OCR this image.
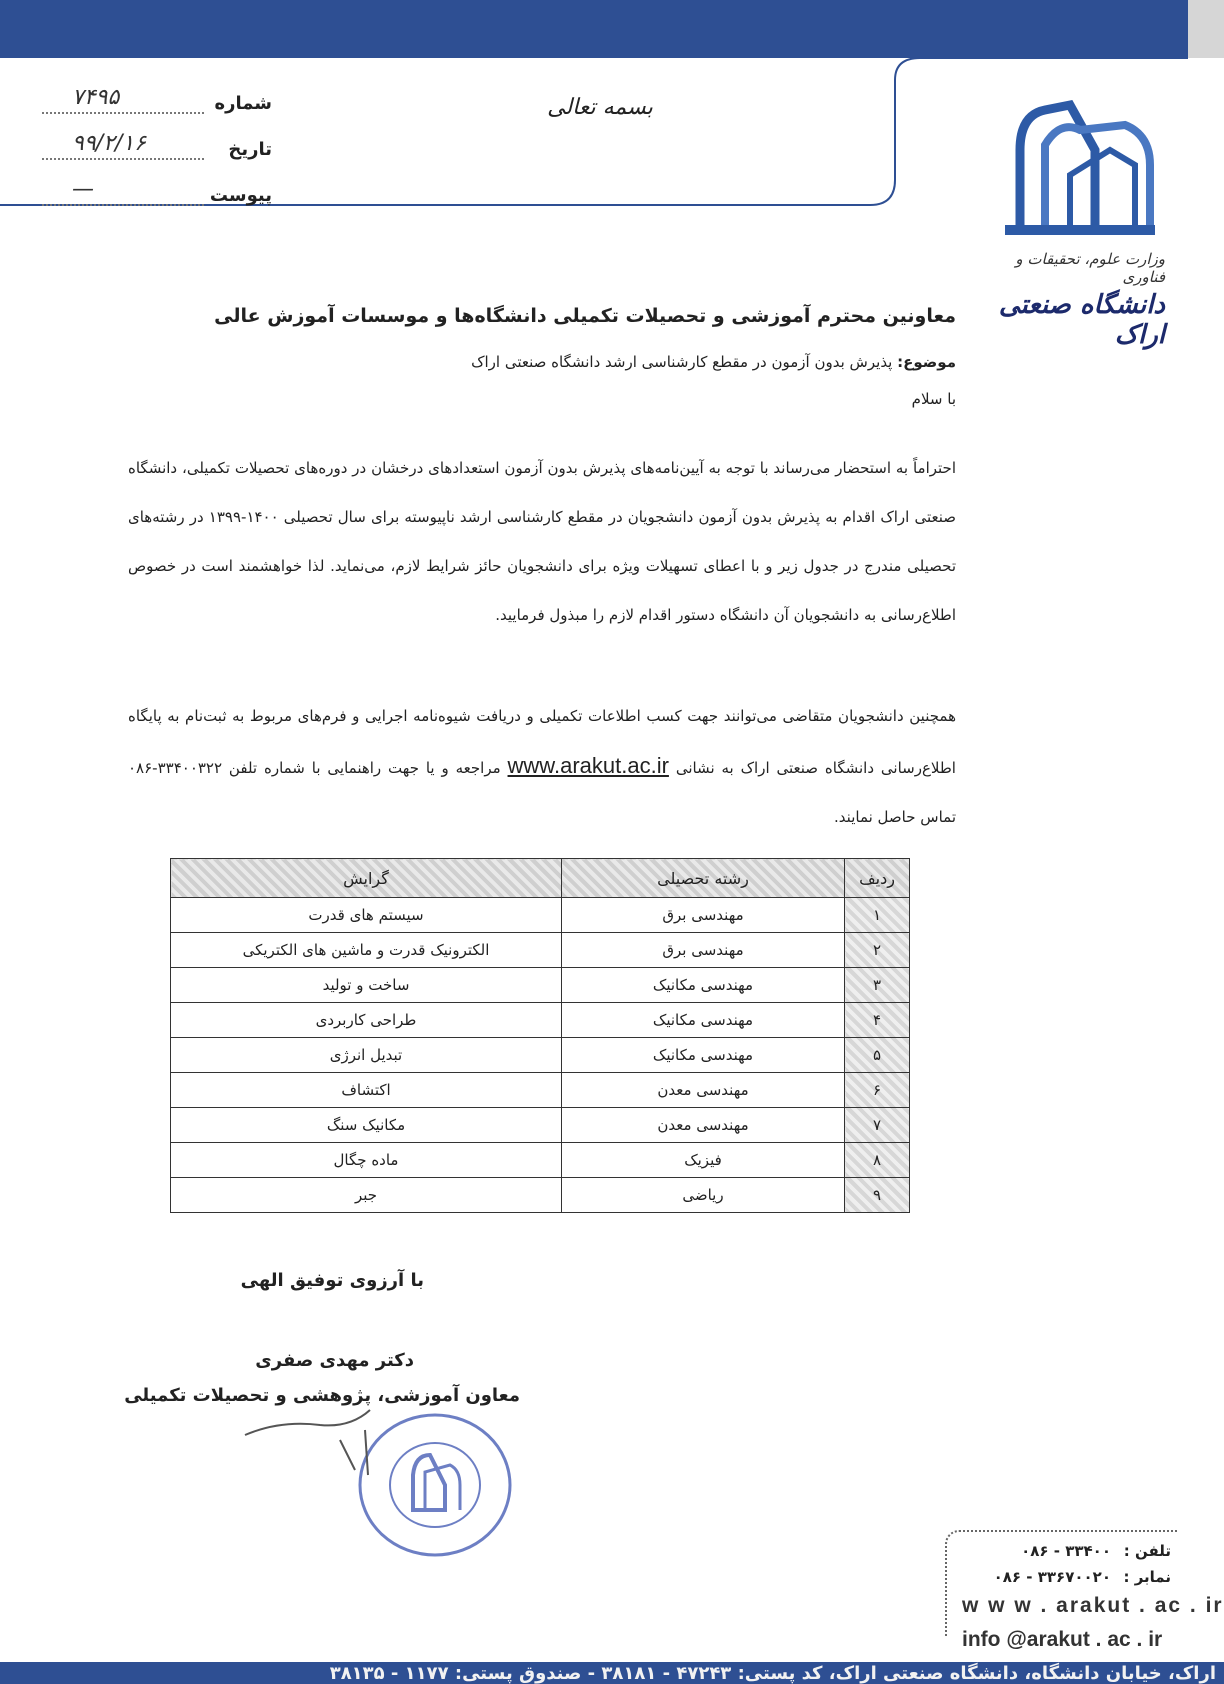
شماره
۷۴۹۵
تاریخ
۹۹/۲/۱۶
پیوست
—
بسمه تعالی
وزارت علوم، تحقیقات و فناوری
دانشگاه صنعتی اراک
معاونین محترم آموزشی و تحصیلات تکمیلی دانشگاه‌ها و موسسات آموزش عالی
موضوع: پذیرش بدون آزمون در مقطع کارشناسی ارشد دانشگاه صنعتی اراک
با سلام
احتراماً به استحضار می‌رساند با توجه به آیین‌نامه‌های پذیرش بدون آزمون استعدادهای درخشان در دوره‌های تحصیلات تکمیلی، دانشگاه صنعتی اراک اقدام به پذیرش بدون آزمون دانشجویان در مقطع کارشناسی ارشد ناپیوسته برای سال تحصیلی ۱۴۰۰-۱۳۹۹ در رشته‌های تحصیلی مندرج در جدول زیر و با اعطای تسهیلات ویژه برای دانشجویان حائز شرایط لازم، می‌نماید. لذا خواهشمند است در خصوص اطلاع‌رسانی به دانشجویان آن دانشگاه دستور اقدام لازم را مبذول فرمایید.
همچنین دانشجویان متقاضی می‌توانند جهت کسب اطلاعات تکمیلی و دریافت شیوه‌نامه اجرایی و فرم‌های مربوط به ثبت‌نام به پایگاه اطلاع‌رسانی دانشگاه صنعتی اراک به نشانی www.arakut.ac.ir مراجعه و یا جهت راهنمایی با شماره تلفن ۳۳۴۰۰۳۲۲-۰۸۶ تماس حاصل نمایند.
ردیف	رشته تحصیلی	گرایش
۱	مهندسی برق	سیستم های قدرت
۲	مهندسی برق	الکترونیک قدرت و ماشین های الکتریکی
۳	مهندسی مکانیک	ساخت و تولید
۴	مهندسی مکانیک	طراحی کاربردی
۵	مهندسی مکانیک	تبدیل انرژی
۶	مهندسی معدن	اکتشاف
۷	مهندسی معدن	مکانیک سنگ
۸	فیزیک	ماده چگال
۹	ریاضی	جبر
با آرزوی توفیق الهی
دکتر مهدی صفری
معاون آموزشی، پژوهشی و تحصیلات تکمیلی
تلفن :
۰۸۶ - ۳۳۴۰۰
نمابر :
۰۸۶ - ۳۳۶۷۰۰۲۰
w w w . arakut . ac . ir
info @arakut . ac . ir
اراک، خیابان دانشگاه، دانشگاه صنعتی اراک، کد پستی: ۴۷۲۴۳ - ۳۸۱۸۱ - صندوق پستی: ۱۱۷۷ - ۳۸۱۳۵
